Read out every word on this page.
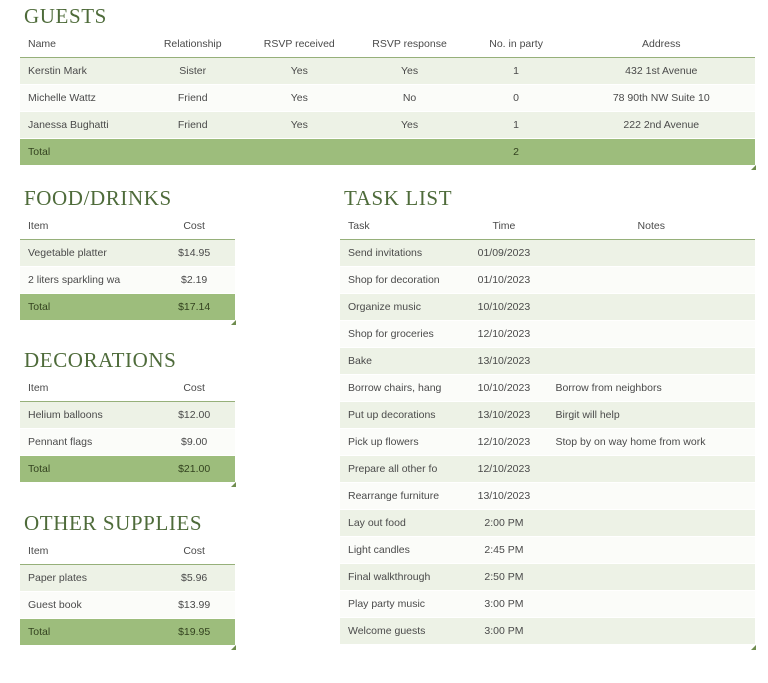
GUESTS
Name	Relationship	RSVP received	RSVP response	No. in party	Address
Kerstin Mark	Sister	Yes	Yes	1	432 1st Avenue
Michelle Wattz	Friend	Yes	No	0	78 90th NW Suite 10
Janessa Bughatti	Friend	Yes	Yes	1	222 2nd Avenue
Total				2	
FOOD/DRINKS
Item	Cost
Vegetable platter	$14.95
2 liters sparkling wa	$2.19
Total	$17.14
DECORATIONS
Item	Cost
Helium balloons	$12.00
Pennant flags	$9.00
Total	$21.00
OTHER SUPPLIES
Item	Cost
Paper plates	$5.96
Guest book	$13.99
Total	$19.95
TASK LIST
Task	Time	Notes
Send invitations	01/09/2023	
Shop for decoration	01/10/2023	
Organize music	10/10/2023	
Shop for groceries	12/10/2023	
Bake	13/10/2023	
Borrow chairs, hang	10/10/2023	Borrow from neighbors
Put up decorations	13/10/2023	Birgit will help
Pick up flowers	12/10/2023	Stop by on way home from work
Prepare all other fo	12/10/2023	
Rearrange furniture	13/10/2023	
Lay out food	2:00 PM	
Light candles	2:45 PM	
Final walkthrough	2:50 PM	
Play party music	3:00 PM	
Welcome guests	3:00 PM	
